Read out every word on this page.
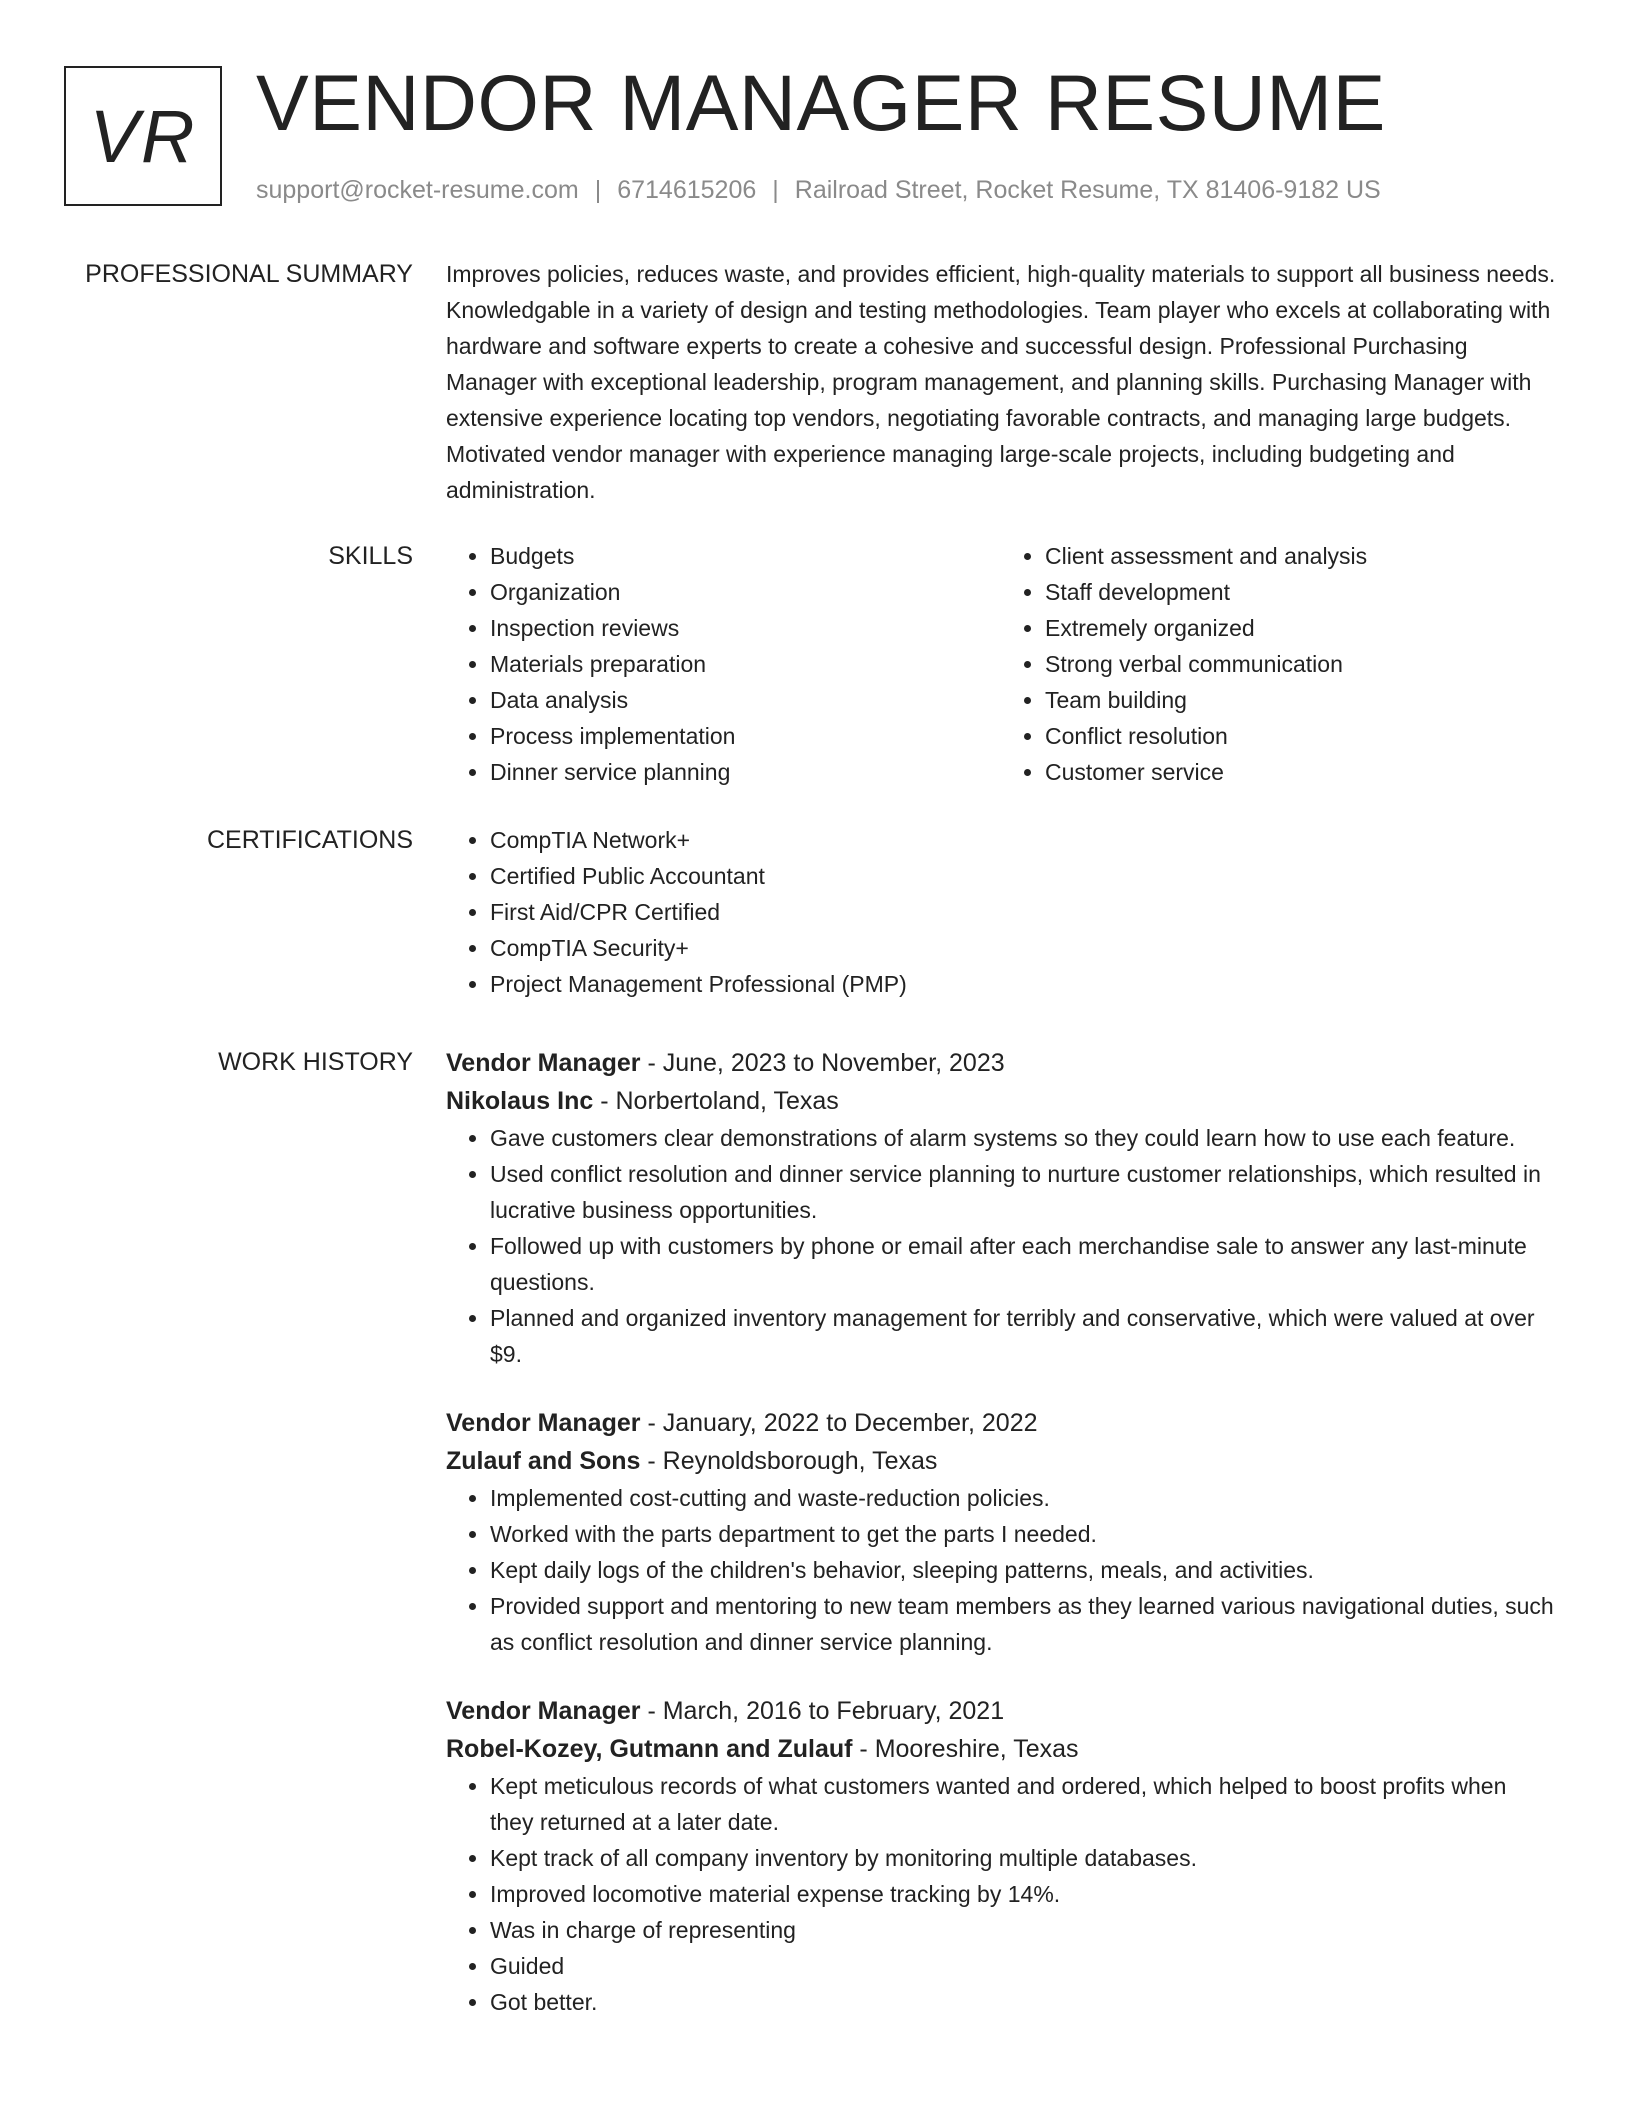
VR VENDOR MANAGER RESUME
support@rocket-resume.com | 6714615206 | Railroad Street, Rocket Resume, TX 81406-9182 US
PROFESSIONAL SUMMARY Improves policies, reduces waste, and provides efficient, high-quality materials to support all business needs. Knowledgable in a variety of design and testing methodologies. Team player who excels at collaborating with hardware and software experts to create a cohesive and successful design. Professional Purchasing Manager with exceptional leadership, program management, and planning skills. Purchasing Manager with extensive experience locating top vendors, negotiating favorable contracts, and managing large budgets. Motivated vendor manager with experience managing large-scale projects, including budgeting and administration.
SKILLS	• Budgets
• Organization
• Inspection reviews
• Materials preparation
• Data analysis
• Process implementation
• Dinner service planning
• Client assessment and analysis
• Staff development
• Extremely organized
• Strong verbal communication
• Team building
• Conflict resolution
• Customer service
CERTIFICATIONS	• CompTIA Network+
• Certified Public Accountant
• First Aid/CPR Certified
• CompTIA Security+
• Project Management Professional (PMP)
WORK HISTORY Vendor Manager - June, 2023 to November, 2023
Nikolaus Inc - Norbertoland, Texas
• Gave customers clear demonstrations of alarm systems so they could learn how to use each feature.
• Used conflict resolution and dinner service planning to nurture customer relationships, which resulted in lucrative business opportunities.
• Followed up with customers by phone or email after each merchandise sale to answer any last-minute questions.
• Planned and organized inventory management for terribly and conservative, which were valued at over $9.
Vendor Manager - January, 2022 to December, 2022
Zulauf and Sons - Reynoldsborough, Texas
• Implemented cost-cutting and waste-reduction policies.
• Worked with the parts department to get the parts I needed.
• Kept daily logs of the children's behavior, sleeping patterns, meals, and activities.
• Provided support and mentoring to new team members as they learned various navigational duties, such as conflict resolution and dinner service planning.
Vendor Manager - March, 2016 to February, 2021
Robel-Kozey, Gutmann and Zulauf - Mooreshire, Texas
• Kept meticulous records of what customers wanted and ordered, which helped to boost profits when they returned at a later date.
• Kept track of all company inventory by monitoring multiple databases.
• Improved locomotive material expense tracking by 14%.
• Was in charge of representing
• Guided
• Got better.
